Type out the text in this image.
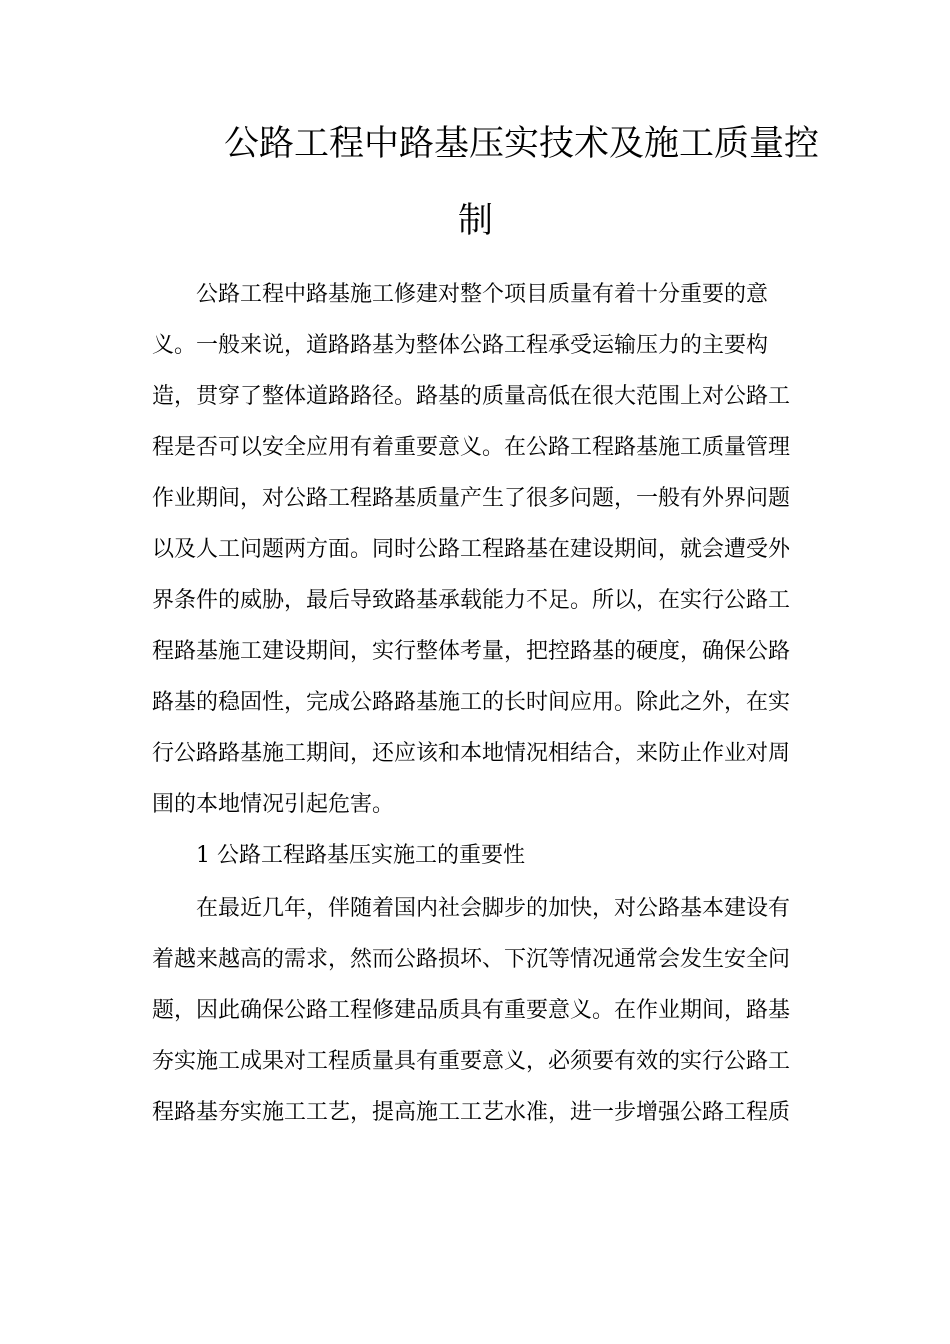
公路工程中路基压实技术及施工质量控
制
　　公路工程中路基施工修建对整个项目质量有着十分重要的意
义。一般来说，道路路基为整体公路工程承受运输压力的主要构
造，贯穿了整体道路路径。路基的质量高低在很大范围上对公路工
程是否可以安全应用有着重要意义。在公路工程路基施工质量管理
作业期间，对公路工程路基质量产生了很多问题，一般有外界问题
以及人工问题两方面。同时公路工程路基在建设期间，就会遭受外
界条件的威胁，最后导致路基承载能力不足。所以，在实行公路工
程路基施工建设期间，实行整体考量，把控路基的硬度，确保公路
路基的稳固性，完成公路路基施工的长时间应用。除此之外，在实
行公路路基施工期间，还应该和本地情况相结合，来防止作业对周
围的本地情况引起危害。
　　1 公路工程路基压实施工的重要性
　　在最近几年，伴随着国内社会脚步的加快，对公路基本建设有
着越来越高的需求，然而公路损坏、下沉等情况通常会发生安全问
题，因此确保公路工程修建品质具有重要意义。在作业期间，路基
夯实施工成果对工程质量具有重要意义，必须要有效的实行公路工
程路基夯实施工工艺，提高施工工艺水准，进一步增强公路工程质
